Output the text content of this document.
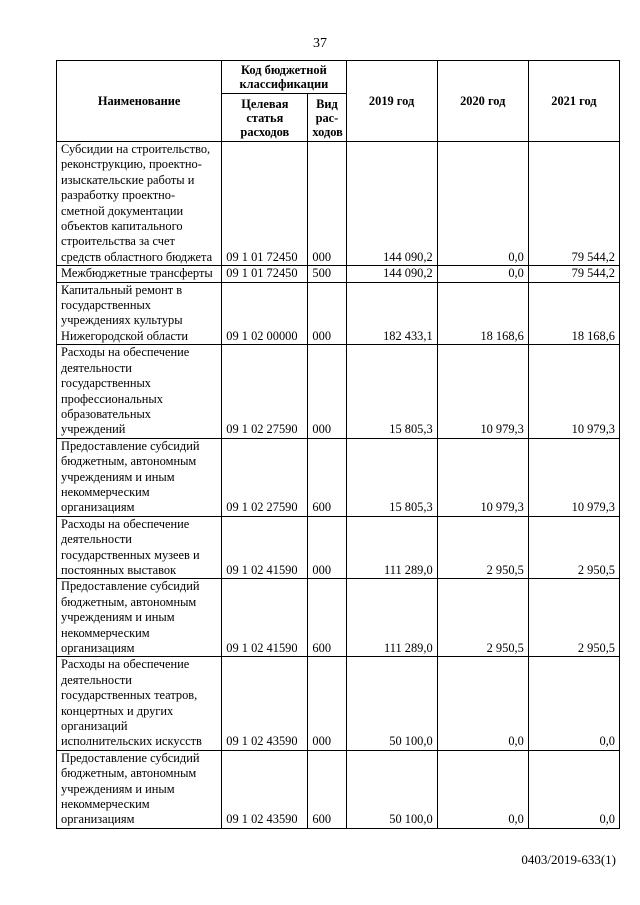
37
Наименование	Код бюджетной классификации		2019 год	2020 год	2021 год
	Целевая статья расходов	Вид рас-ходов			
Субсидии на строительство, реконструкцию, проектно-изыскательские работы и разработку проектно-сметной документации объектов капитального строительства за счет средств областного бюджета	09 1 01 72450	000	144 090,2	0,0	79 544,2
Межбюджетные трансферты	09 1 01 72450	500	144 090,2	0,0	79 544,2
Капитальный ремонт в государственных учреждениях культуры Нижегородской области	09 1 02 00000	000	182 433,1	18 168,6	18 168,6
Расходы на обеспечение деятельности государственных профессиональных образовательных учреждений	09 1 02 27590	000	15 805,3	10 979,3	10 979,3
Предоставление субсидий бюджетным, автономным учреждениям и иным некоммерческим организациям	09 1 02 27590	600	15 805,3	10 979,3	10 979,3
Расходы на обеспечение деятельности государственных музеев и постоянных выставок	09 1 02 41590	000	111 289,0	2 950,5	2 950,5
Предоставление субсидий бюджетным, автономным учреждениям и иным некоммерческим организациям	09 1 02 41590	600	111 289,0	2 950,5	2 950,5
Расходы на обеспечение деятельности государственных театров, концертных и других организаций исполнительских искусств	09 1 02 43590	000	50 100,0	0,0	0,0
Предоставление субсидий бюджетным, автономным учреждениям и иным некоммерческим организациям	09 1 02 43590	600	50 100,0	0,0	0,0
0403/2019-633(1)
